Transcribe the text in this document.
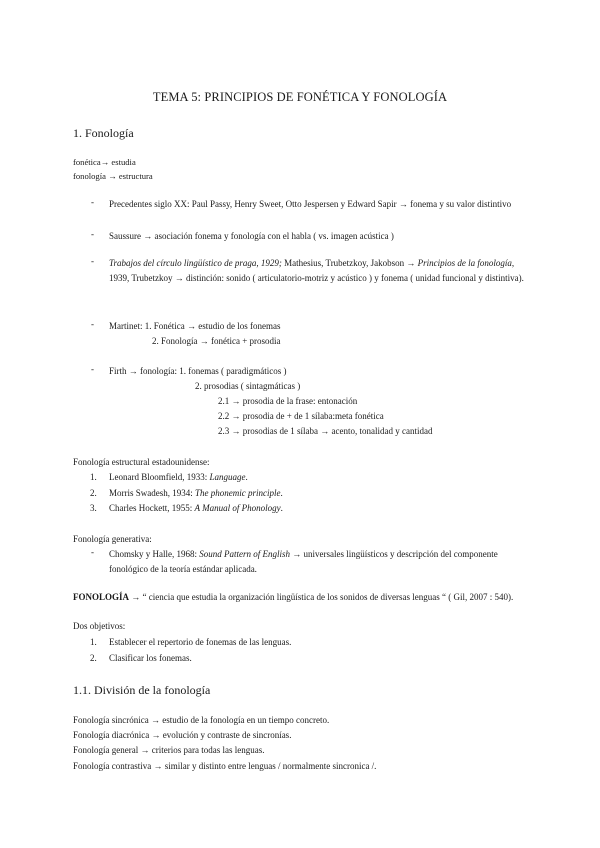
TEMA 5: PRINCIPIOS DE FONÉTICA Y FONOLOGÍA
1. Fonología
fonética→ estudia
fonología → estructura
- Precedentes siglo XX: Paul Passy, Henry Sweet, Otto Jespersen y Edward Sapir → fonema y su valor distintivo
- Saussure → asociación fonema y fonología con el habla ( vs. imagen acústica )
- Trabajos del círculo lingüístico de praga, 1929; Mathesius, Trubetzkoy, Jakobson → Principios de la fonología, 1939, Trubetzkoy → distinción: sonido ( articulatorio-motriz y acústico ) y fonema ( unidad funcional y distintiva).
- Martinet: 1. Fonética → estudio de los fonemas
2. Fonología → fonética + prosodia
- Firth → fonología: 1. fonemas ( paradigmáticos )
2. prosodias ( sintagmáticas )
2.1 → prosodia de la frase: entonación
2.2 → prosodia de + de 1 sílaba:meta fonética
2.3 → prosodias de 1 sílaba → acento, tonalidad y cantidad
Fonología estructural estadounidense:
1. Leonard Bloomfield, 1933: Language.
2. Morris Swadesh, 1934: The phonemic principle.
3. Charles Hockett, 1955: A Manual of Phonology.
Fonología generativa:
- Chomsky y Halle, 1968: Sound Pattern of English → universales lingüísticos y descripción del componente fonológico de la teoría estándar aplicada.
FONOLOGÍA → “ ciencia que estudia la organización lingüística de los sonidos de diversas lenguas “ ( Gil, 2007 : 540).
Dos objetivos:
1. Establecer el repertorio de fonemas de las lenguas.
2. Clasificar los fonemas.
1.1. División de la fonología
Fonología sincrónica → estudio de la fonología en un tiempo concreto.
Fonología diacrónica → evolución y contraste de sincronías.
Fonología general → criterios para todas las lenguas.
Fonología contrastiva → similar y distinto entre lenguas / normalmente sincronica /.
